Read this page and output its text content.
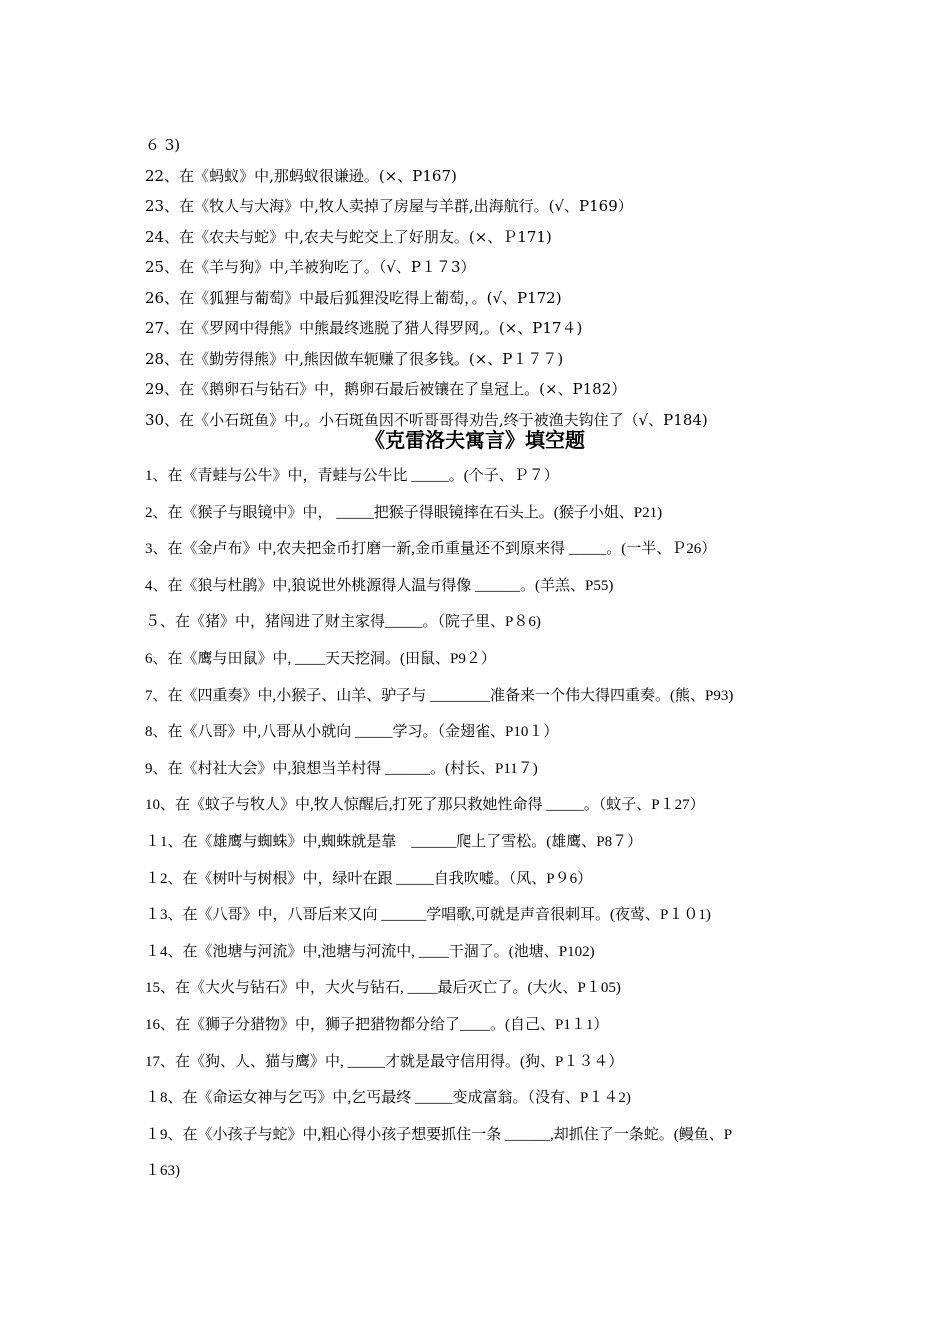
６ 3)
22、在《蚂蚁》中,那蚂蚁很谦逊。(×、P167)
23、在《牧人与大海》中,牧人卖掉了房屋与羊群,出海航行。(√、P169）
24、在《农夫与蛇》中,农夫与蛇交上了好朋友。(×、Ｐ171)
25、在《羊与狗》中,羊被狗吃了。（√、P１７3）
26、在《狐狸与葡萄》中最后狐狸没吃得上葡萄，。(√、P172)
27、在《罗网中得熊》中熊最终逃脱了猎人得罗网,。(×、P17４)
28、在《勤劳得熊》中,熊因做车轭赚了很多钱。(×、P１７７)
29、在《鹅卵石与钻石》中，鹅卵石最后被镶在了皇冠上。(×、P182）
30、在《小石斑鱼》中,。小石斑鱼因不听哥哥得劝告,终于被渔夫钩住了（√、P184)
《克雷洛夫寓言》填空题
1、在《青蛙与公牛》中，青蛙与公牛比 _____。(个子、Ｐ７）
2、在《猴子与眼镜中》中， _____把猴子得眼镜摔在石头上。(猴子小姐、P21)
3、在《金卢布》中,农夫把金币打磨一新,金币重量还不到原来得 _____。(一半、Ｐ26）
4、在《狼与杜鹃》中,狼说世外桃源得人温与得像 ______。(羊羔、P55)
５、在《猪》中，猪闯进了财主家得_____。（院子里、P８6)
6、在《鹰与田鼠》中, ____天天挖洞。(田鼠、P9２）
7、在《四重奏》中,小猴子、山羊、驴子与 ________准备来一个伟大得四重奏。(熊、P93)
8、在《八哥》中,八哥从小就向 _____学习。（金翅雀、P10１）
9、在《村社大会》中,狼想当羊村得 ______。(村长、P11７)
10、在《蚊子与牧人》中,牧人惊醒后,打死了那只救她性命得 _____。（蚊子、P１27）
１1、在《雄鹰与蜘蛛》中,蜘蛛就是靠　______爬上了雪松。(雄鹰、P8７）
１2、在《树叶与树根》中，绿叶在跟 _____自我吹嘘。（风、P９6）
１3、在《八哥》中，八哥后来又向 ______学唱歌,可就是声音很刺耳。(夜莺、P１０1)
１4、在《池塘与河流》中,池塘与河流中, ____干涸了。(池塘、P102)
15、在《大火与钻石》中，大火与钻石, ____最后灭亡了。(大火、P１05)
16、在《狮子分猎物》中，狮子把猎物都分给了____。(自己、P1１1）
17、在《狗、人、猫与鹰》中, _____才就是最守信用得。(狗、P１３４）
１8、在《命运女神与乞丐》中,乞丐最终 _____变成富翁。（没有、P１４2)
１9、在《小孩子与蛇》中,粗心得小孩子想要抓住一条 ______,却抓住了一条蛇。(鳗鱼、P
１63)
